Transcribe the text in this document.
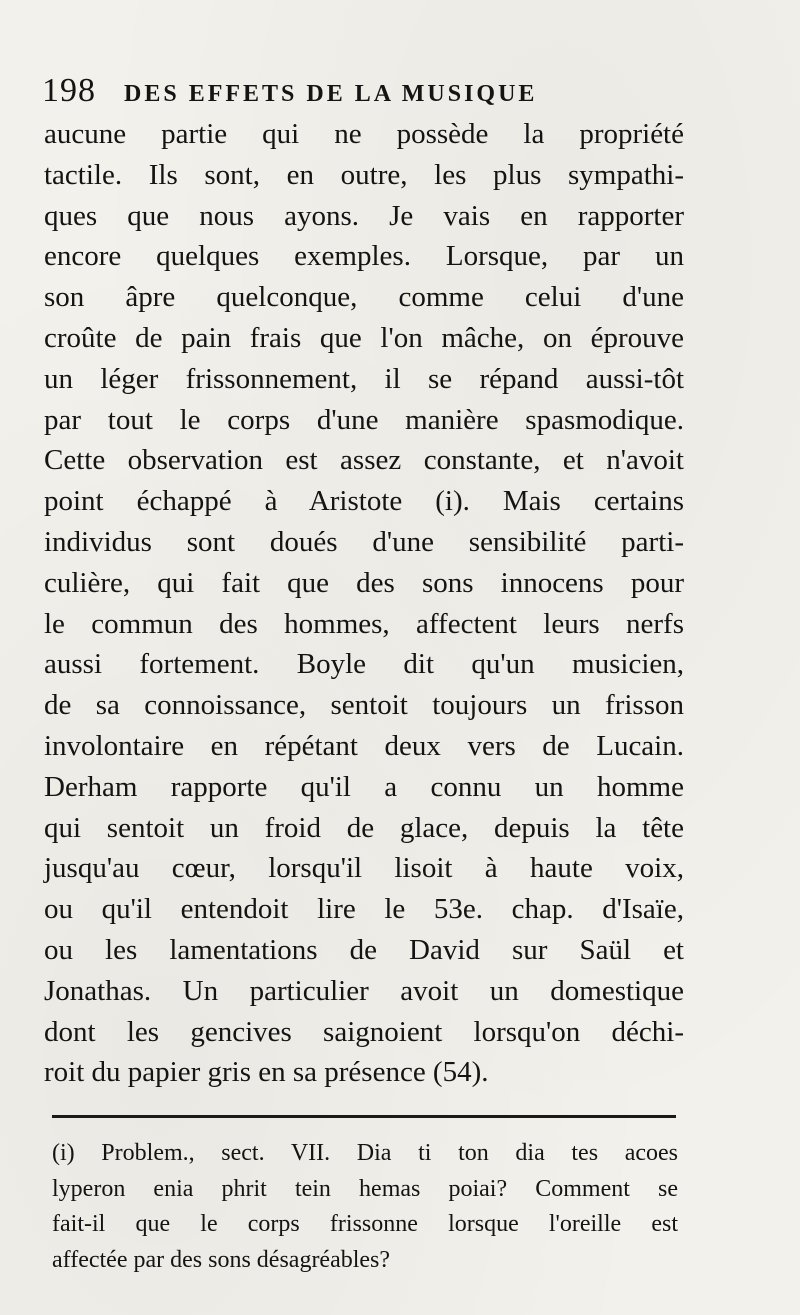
198 DES EFFETS DE LA MUSIQUE
aucune partie qui ne possède la propriété
tactile. Ils sont, en outre, les plus sympathi-
ques que nous ayons. Je vais en rapporter
encore quelques exemples. Lorsque, par un
son âpre quelconque, comme celui d'une
croûte de pain frais que l'on mâche, on éprouve
un léger frissonnement, il se répand aussi-tôt
par tout le corps d'une manière spasmodique.
Cette observation est assez constante, et n'avoit
point échappé à Aristote (i). Mais certains
individus sont doués d'une sensibilité parti-
culière, qui fait que des sons innocens pour
le commun des hommes, affectent leurs nerfs
aussi fortement. Boyle dit qu'un musicien,
de sa connoissance, sentoit toujours un frisson
involontaire en répétant deux vers de Lucain.
Derham rapporte qu'il a connu un homme
qui sentoit un froid de glace, depuis la tête
jusqu'au cœur, lorsqu'il lisoit à haute voix,
ou qu'il entendoit lire le 53e. chap. d'Isaïe,
ou les lamentations de David sur Saül et
Jonathas. Un particulier avoit un domestique
dont les gencives saignoient lorsqu'on déchi-
roit du papier gris en sa présence (54).
(i) Problem., sect. VII. Dia ti ton dia tes acoes
lyperon enia phrit tein hemas poiai? Comment se
fait-il que le corps frissonne lorsque l'oreille est
affectée par des sons désagréables?
